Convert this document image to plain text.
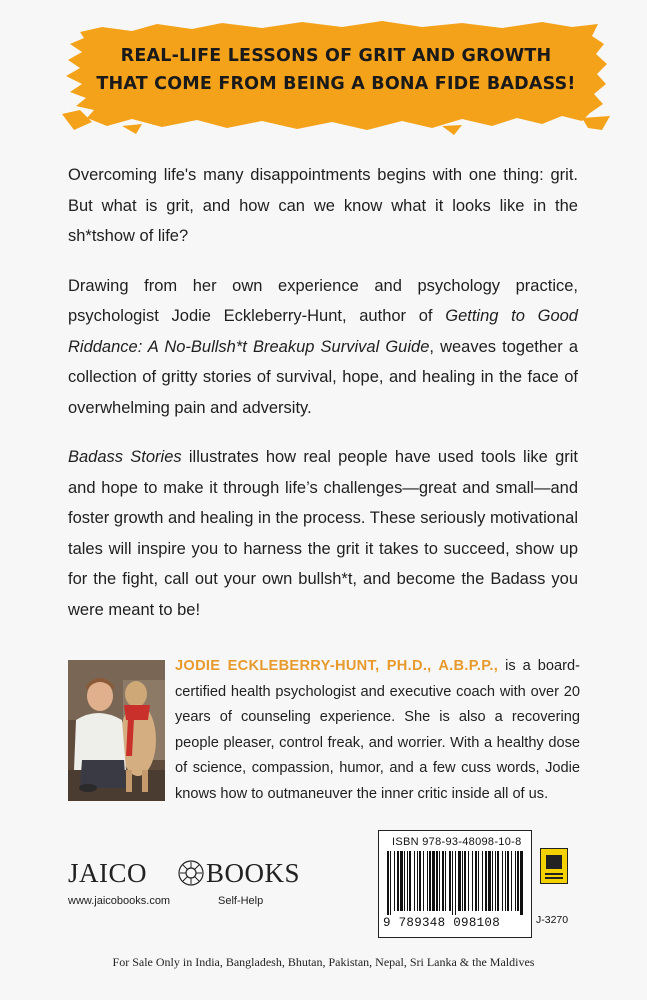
REAL-LIFE LESSONS OF GRIT AND GROWTH
THAT COME FROM BEING A BONA FIDE BADASS!

Overcoming life's many disappointments begins with one thing: grit. But what is grit, and how can we know what it looks like in the sh*tshow of life?

Drawing from her own experience and psychology practice, psychologist Jodie Eckleberry-Hunt, author of Getting to Good Riddance: A No-Bullsh*t Breakup Survival Guide, weaves together a collection of gritty stories of survival, hope, and healing in the face of overwhelming pain and adversity.

Badass Stories illustrates how real people have used tools like grit and hope to make it through life’s challenges—great and small—and foster growth and healing in the process. These seriously motivational tales will inspire you to harness the grit it takes to succeed, show up for the fight, call out your own bullsh*t, and become the Badass you were meant to be!

JODIE ECKLEBERRY-HUNT, PH.D., A.B.P.P., is a board-certified health psychologist and executive coach with over 20 years of counseling experience. She is also a recovering people pleaser, control freak, and worrier. With a healthy dose of science, compassion, humor, and a few cuss words, Jodie knows how to outmaneuver the inner critic inside all of us.
JAICO BOOKS
www.jaicobooks.com	Self-Help
ISBN 978-93-48098-10-8
9 789348 098108	J-3270
For Sale Only in India, Bangladesh, Bhutan, Pakistan, Nepal, Sri Lanka & the Maldives
